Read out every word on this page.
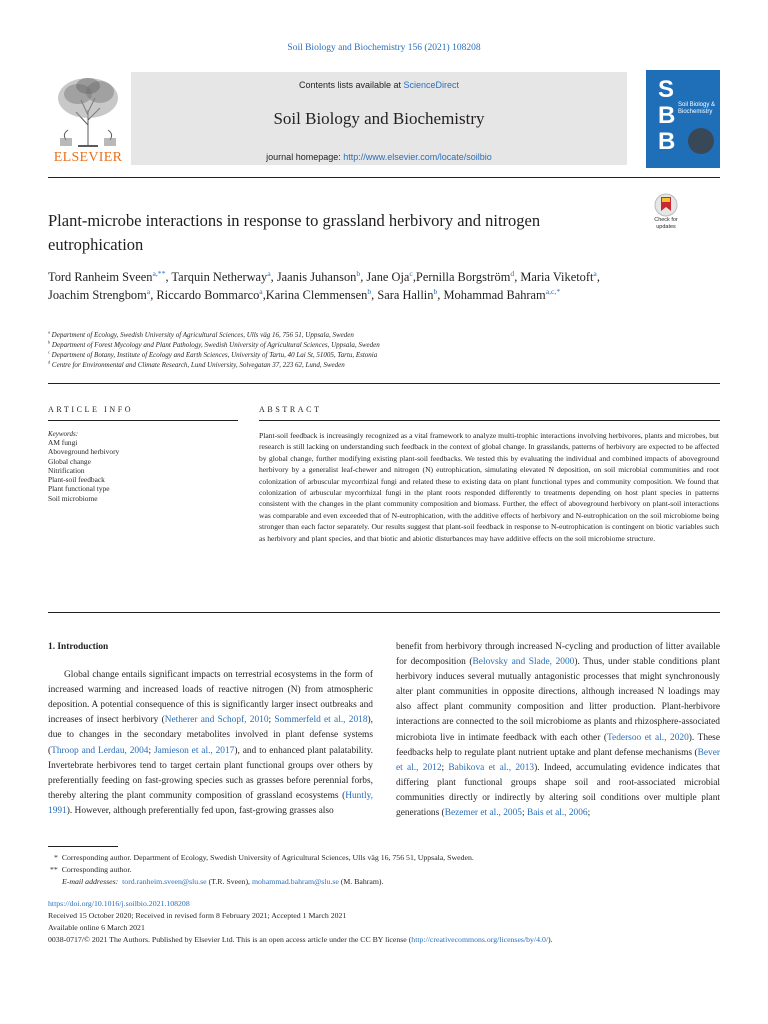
Soil Biology and Biochemistry 156 (2021) 108208
ELSEVIER
Contents lists available at ScienceDirect
Soil Biology and Biochemistry
journal homepage: http://www.elsevier.com/locate/soilbio
S
B
B
Soil Biology & Biochemistry
Plant-microbe interactions in response to grassland herbivory and nitrogen eutrophication
Check for updates
Tord Ranheim Sveen$^{a,**}$, Tarquin Netherway$^a$, Jaanis Juhanson$^b$, Jane Oja$^c$,Pernilla Borgström$^d$, Maria Viketoft$^a$, Joachim Strengbom$^a$, Riccardo Bommarco$^a$,Karina Clemmensen$^b$, Sara Hallin$^b$, Mohammad Bahram$^{a,c,*}$
$^a$ Department of Ecology, Swedish University of Agricultural Sciences, Ulls väg 16, 756 51, Uppsala, Sweden
$^b$ Department of Forest Mycology and Plant Pathology, Swedish University of Agricultural Sciences, Uppsala, Sweden
$^c$ Department of Botany, Institute of Ecology and Earth Sciences, University of Tartu, 40 Lai St, 51005, Tartu, Estonia
$^d$ Centre for Environmental and Climate Research, Lund University, Solvegatan 37, 223 62, Lund, Sweden
ARTICLE INFO	ABSTRACT
Keywords:
AM fungi
Aboveground herbivory
Global change
Nitrification
Plant-soil feedback
Plant functional type
Soil microbiome
Plant-soil feedback is increasingly recognized as a vital framework to analyze multi-trophic interactions involving herbivores, plants and microbes, but research is still lacking on understanding such feedback in the context of global change. In grasslands, patterns of herbivory are expected to be affected by global change, further modifying existing plant-soil feedbacks. We tested this by evaluating the individual and combined impacts of aboveground herbivory by a generalist leaf-chewer and nitrogen (N) eutrophication, simulating elevated N deposition, on soil microbial communities and root colonization of arbuscular mycorrhizal fungi and related these to existing data on plant functional types and community composition. We found that colonization of arbuscular mycorrhizal fungi in the plant roots responded differently to treatments depending on host plant species in patterns consistent with the changes in the plant community composition and biomass. Further, the effect of aboveground herbivory on plant-soil interactions was comparable and even exceeded that of N-eutrophication, with the additive effects of herbivory and N-eutrophication on the soil microbiome being stronger than each factor separately. Our results suggest that plant-soil feedback in response to N-eutrophication is contingent on biotic variables such as herbivory and plant species, and that biotic and abiotic disturbances may have additive effects on the soil microbiome structure.

1. Introduction

Global change entails significant impacts on terrestrial ecosystems in the form of increased warming and increased loads of reactive nitrogen (N) from atmospheric deposition. A potential consequence of this is significantly larger insect outbreaks and increases of insect herbivory (Netherer and Schopf, 2010; Sommerfeld et al., 2018), due to changes in the secondary metabolites involved in plant defense systems (Throop and Lerdau, 2004; Jamieson et al., 2017), and to enhanced plant palatability. Invertebrate herbivores tend to target certain plant functional groups over others by preferentially feeding on fast-growing species such as grasses before perennial forbs, thereby altering the plant community composition of grassland ecosystems (Huntly, 1991). However, although preferentially fed upon, fast-growing grasses also

benefit from herbivory through increased N-cycling and production of litter available for decomposition (Belovsky and Slade, 2000). Thus, under stable conditions plant herbivory induces several mutually antagonistic processes that might synchronously alter plant communities in opposite directions, although increased N loadings may also affect plant community composition and litter production. Plant-herbivore interactions are connected to the soil microbiome as plants and rhizosphere-associated microbiota live in intimate feedback with each other (Tedersoo et al., 2020). These feedbacks help to regulate plant nutrient uptake and plant defense mechanisms (Bever et al., 2012; Babikova et al., 2013). Indeed, accumulating evidence indicates that differing plant functional groups shape soil and root-associated microbial communities directly or indirectly by altering soil conditions over multiple plant generations (Bezemer et al., 2005; Bais et al., 2006;

* Corresponding author. Department of Ecology, Swedish University of Agricultural Sciences, Ulls väg 16, 756 51, Uppsala, Sweden.
** Corresponding author.
E-mail addresses: tord.ranheim.sveen@slu.se (T.R. Sveen), mohammad.bahram@slu.se (M. Bahram).
https://doi.org/10.1016/j.soilbio.2021.108208
Received 15 October 2020; Received in revised form 8 February 2021; Accepted 1 March 2021
Available online 6 March 2021
0038-0717/© 2021 The Authors. Published by Elsevier Ltd. This is an open access article under the CC BY license (http://creativecommons.org/licenses/by/4.0/).
